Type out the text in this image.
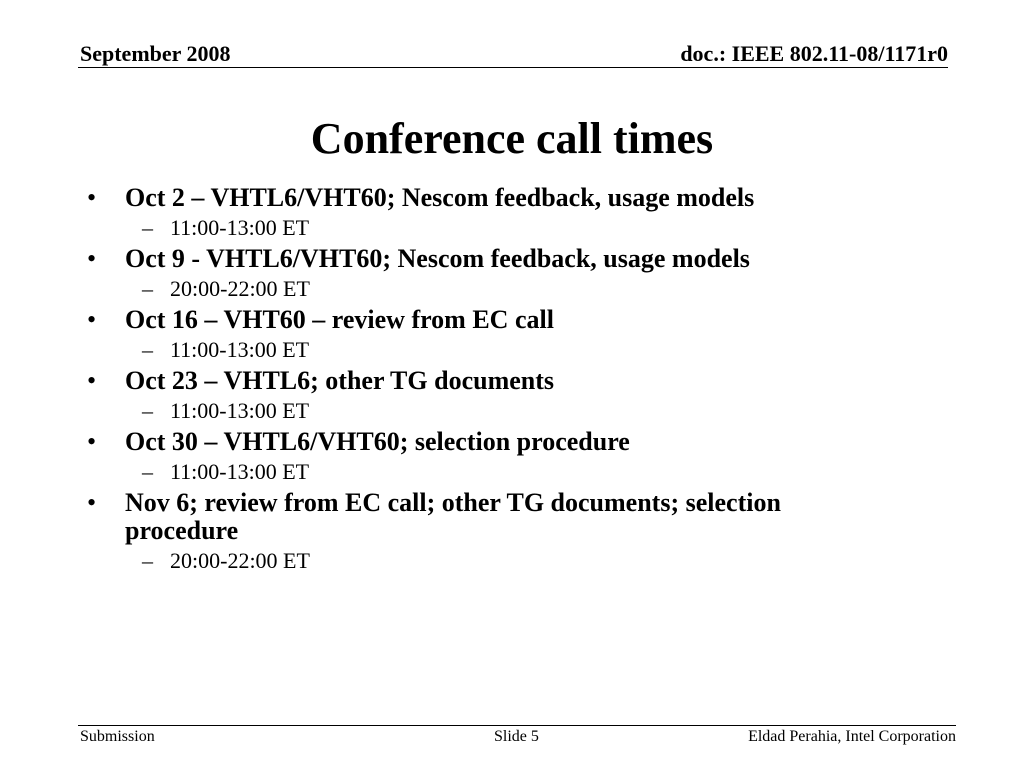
September 2008	doc.: IEEE 802.11-08/1171r0
Conference call times
• Oct 2 – VHTL6/VHT60; Nescom feedback, usage models
– 11:00-13:00 ET
• Oct 9 - VHTL6/VHT60; Nescom feedback, usage models
– 20:00-22:00 ET
• Oct 16 – VHT60 – review from EC call
– 11:00-13:00 ET
• Oct 23 – VHTL6; other TG documents
– 11:00-13:00 ET
• Oct 30 – VHTL6/VHT60; selection procedure
– 11:00-13:00 ET
• Nov 6; review from EC call; other TG documents; selection procedure
– 20:00-22:00 ET
Submission	Slide 5	Eldad Perahia, Intel Corporation
